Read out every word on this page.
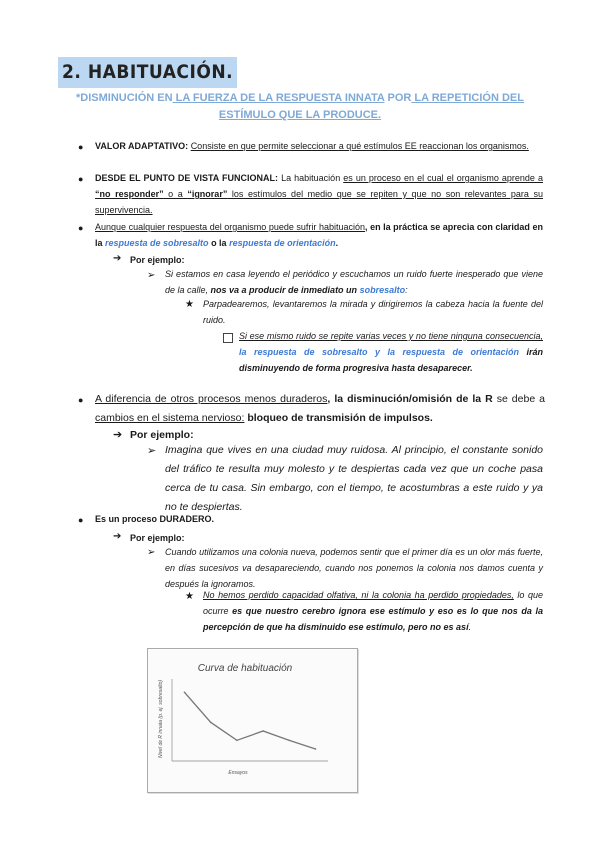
2. HABITUACIÓN.
*DISMINUCIÓN EN LA FUERZA DE LA RESPUESTA INNATA POR LA REPETICIÓN DEL ESTÍMULO QUE LA PRODUCE.
● VALOR ADAPTATIVO: Consiste en que permite seleccionar a qué estímulos EE reaccionan los organismos.
● DESDE EL PUNTO DE VISTA FUNCIONAL: La habituación es un proceso en el cual el organismo aprende a “no responder” o a “ignorar” los estímulos del medio que se repiten y que no son relevantes para su supervivencia.
● Aunque cualquier respuesta del organismo puede sufrir habituación, en la práctica se aprecia con claridad en la respuesta de sobresalto o la respuesta de orientación.
➔ Por ejemplo:
➢ Si estamos en casa leyendo el periódico y escuchamos un ruido fuerte inesperado que viene de la calle, nos va a producir de inmediato un sobresalto:
★ Parpadearemos, levantaremos la mirada y dirigiremos la cabeza hacia la fuente del ruido.
Si ese mismo ruido se repite varias veces y no tiene ninguna consecuencia, la respuesta de sobresalto y la respuesta de orientación irán disminuyendo de forma progresiva hasta desaparecer.
● A diferencia de otros procesos menos duraderos, la disminución/omisión de la R se debe a cambios en el sistema nervioso: bloqueo de transmisión de impulsos.
➔ Por ejemplo:
➢ Imagina que vives en una ciudad muy ruidosa. Al principio, el constante sonido del tráfico te resulta muy molesto y te despiertas cada vez que un coche pasa cerca de tu casa. Sin embargo, con el tiempo, te acostumbras a este ruido y ya no te despiertas.
● Es un proceso DURADERO.
➔ Por ejemplo:
➢ Cuando utilizamos una colonia nueva, podemos sentir que el primer día es un olor más fuerte, en días sucesivos va desapareciendo, cuando nos ponemos la colonia nos damos cuenta y después la ignoramos.
★ No hemos perdido capacidad olfativa, ni la colonia ha perdido propiedades, lo que ocurre es que nuestro cerebro ignora ese estímulo y eso es lo que nos da la percepción de que ha disminuido ese estímulo, pero no es así.
Curva de habituación
Nivel de R innata (p. ej. sobresalto)
Ensayos
